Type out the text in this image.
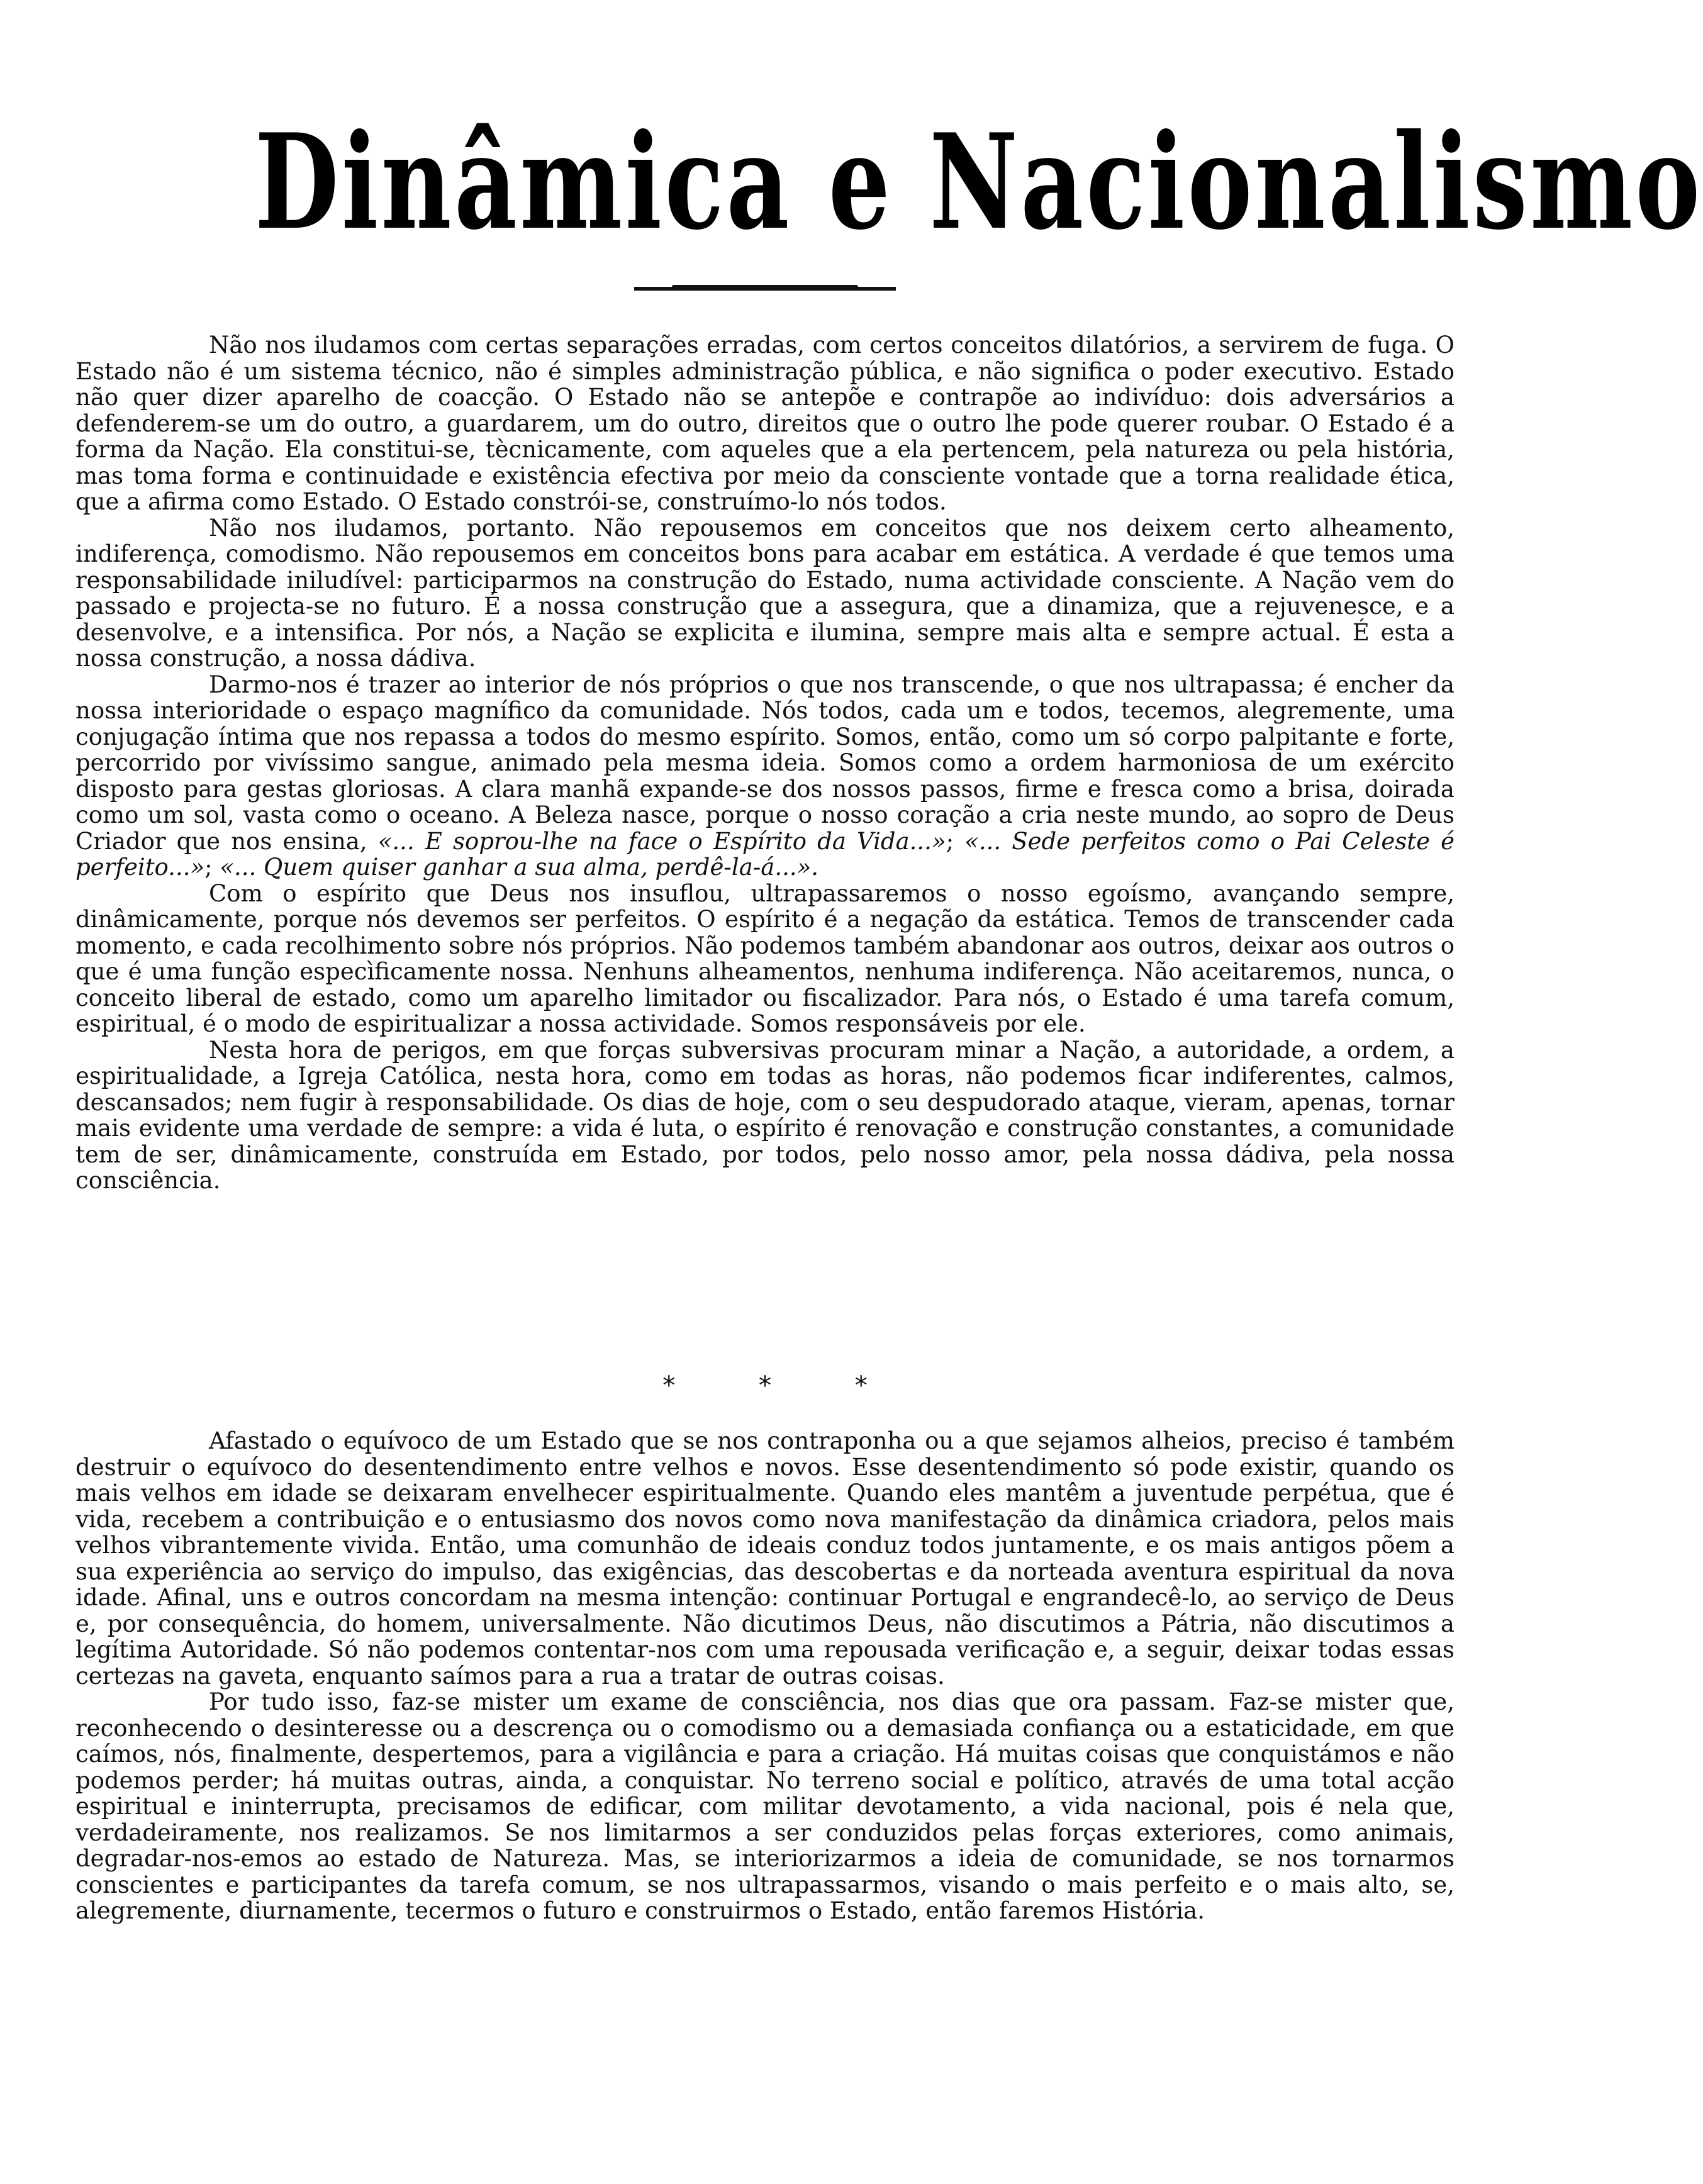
Dinâmica e Nacionalismo

Não nos iludamos com certas separações erradas, com certos conceitos dilatórios, a servirem de fuga. O Estado não é um sistema técnico, não é simples administração pública, e não significa o poder executivo. Estado não quer dizer aparelho de coacção. O Estado não se antepõe e contrapõe ao indivíduo: dois adversários a defenderem-se um do outro, a guardarem, um do outro, direitos que o outro lhe pode querer roubar. O Estado é a forma da Nação. Ela constitui-se, tècnicamente, com aqueles que a ela pertencem, pela natureza ou pela história, mas toma forma e continuidade e existência efectiva por meio da consciente vontade que a torna realidade ética, que a afirma como Estado. O Estado constrói-se, construímo-lo nós todos.

Não nos iludamos, portanto. Não repousemos em conceitos que nos deixem certo alheamento, indiferença, comodismo. Não repousemos em conceitos bons para acabar em estática. A verdade é que temos uma responsabilidade iniludível: participarmos na construção do Estado, numa actividade consciente. A Nação vem do passado e projecta-se no futuro. É a nossa construção que a assegura, que a dinamiza, que a rejuvenesce, e a desenvolve, e a intensifica. Por nós, a Nação se explicita e ilumina, sempre mais alta e sempre actual. É esta a nossa construção, a nossa dádiva.

Darmo-nos é trazer ao interior de nós próprios o que nos transcende, o que nos ultrapassa; é encher da nossa interioridade o espaço magnífico da comunidade. Nós todos, cada um e todos, tecemos, alegremente, uma conjugação íntima que nos repassa a todos do mesmo espírito. Somos, então, como um só corpo palpitante e forte, percorrido por vivíssimo sangue, animado pela mesma ideia. Somos como a ordem harmoniosa de um exército disposto para gestas gloriosas. A clara manhã expande-se dos nossos passos, firme e fresca como a brisa, doirada como um sol, vasta como o oceano. A Beleza nasce, porque o nosso coração a cria neste mundo, ao sopro de Deus Criador que nos ensina, «... E soprou-lhe na face o Espírito da Vida...»; «... Sede perfeitos como o Pai Celeste é perfeito...»; «... Quem quiser ganhar a sua alma, perdê-la-á...».

Com o espírito que Deus nos insuflou, ultrapassaremos o nosso egoísmo, avançando sempre, dinâmicamente, porque nós devemos ser perfeitos. O espírito é a negação da estática. Temos de transcender cada momento, e cada recolhimento sobre nós próprios. Não podemos também abandonar aos outros, deixar aos outros o que é uma função especìficamente nossa. Nenhuns alheamentos, nenhuma indiferença. Não aceitaremos, nunca, o conceito liberal de estado, como um aparelho limitador ou fiscalizador. Para nós, o Estado é uma tarefa comum, espiritual, é o modo de espiritualizar a nossa actividade. Somos responsáveis por ele.

Nesta hora de perigos, em que forças subversivas procuram minar a Nação, a autoridade, a ordem, a espiritualidade, a Igreja Católica, nesta hora, como em todas as horas, não podemos ficar indiferentes, calmos, descansados; nem fugir à responsabilidade. Os dias de hoje, com o seu despudorado ataque, vieram, apenas, tornar mais evidente uma verdade de sempre: a vida é luta, o espírito é renovação e construção constantes, a comunidade tem de ser, dinâmicamente, construída em Estado, por todos, pelo nosso amor, pela nossa dádiva, pela nossa consciência.

* * *

Afastado o equívoco de um Estado que se nos contraponha ou a que sejamos alheios, preciso é também destruir o equívoco do desentendimento entre velhos e novos. Esse desentendimento só pode existir, quando os mais velhos em idade se deixaram envelhecer espiritualmente. Quando eles mantêm a juventude perpétua, que é vida, recebem a contribuição e o entusiasmo dos novos como nova manifestação da dinâmica criadora, pelos mais velhos vibrantemente vivida. Então, uma comunhão de ideais conduz todos juntamente, e os mais antigos põem a sua experiência ao serviço do impulso, das exigências, das descobertas e da norteada aventura espiritual da nova idade. Afinal, uns e outros concordam na mesma intenção: continuar Portugal e engrandecê-lo, ao serviço de Deus e, por consequência, do homem, universalmente. Não dicutimos Deus, não discutimos a Pátria, não discutimos a legítima Autoridade. Só não podemos contentar-nos com uma repousada verificação e, a seguir, deixar todas essas certezas na gaveta, enquanto saímos para a rua a tratar de outras coisas.

Por tudo isso, faz-se mister um exame de consciência, nos dias que ora passam. Faz-se mister que, reconhecendo o desinteresse ou a descrença ou o comodismo ou a demasiada confiança ou a estaticidade, em que caímos, nós, finalmente, despertemos, para a vigilância e para a criação. Há muitas coisas que conquistámos e não podemos perder; há muitas outras, ainda, a conquistar. No terreno social e político, através de uma total acção espiritual e ininterrupta, precisamos de edificar, com militar devotamento, a vida nacional, pois é nela que, verdadeiramente, nos realizamos. Se nos limitarmos a ser conduzidos pelas forças exteriores, como animais, degradar-nos-emos ao estado de Natureza. Mas, se interiorizarmos a ideia de comunidade, se nos tornarmos conscientes e participantes da tarefa comum, se nos ultrapassarmos, visando o mais perfeito e o mais alto, se, alegremente, diurnamente, tecermos o futuro e construirmos o Estado, então faremos História.
